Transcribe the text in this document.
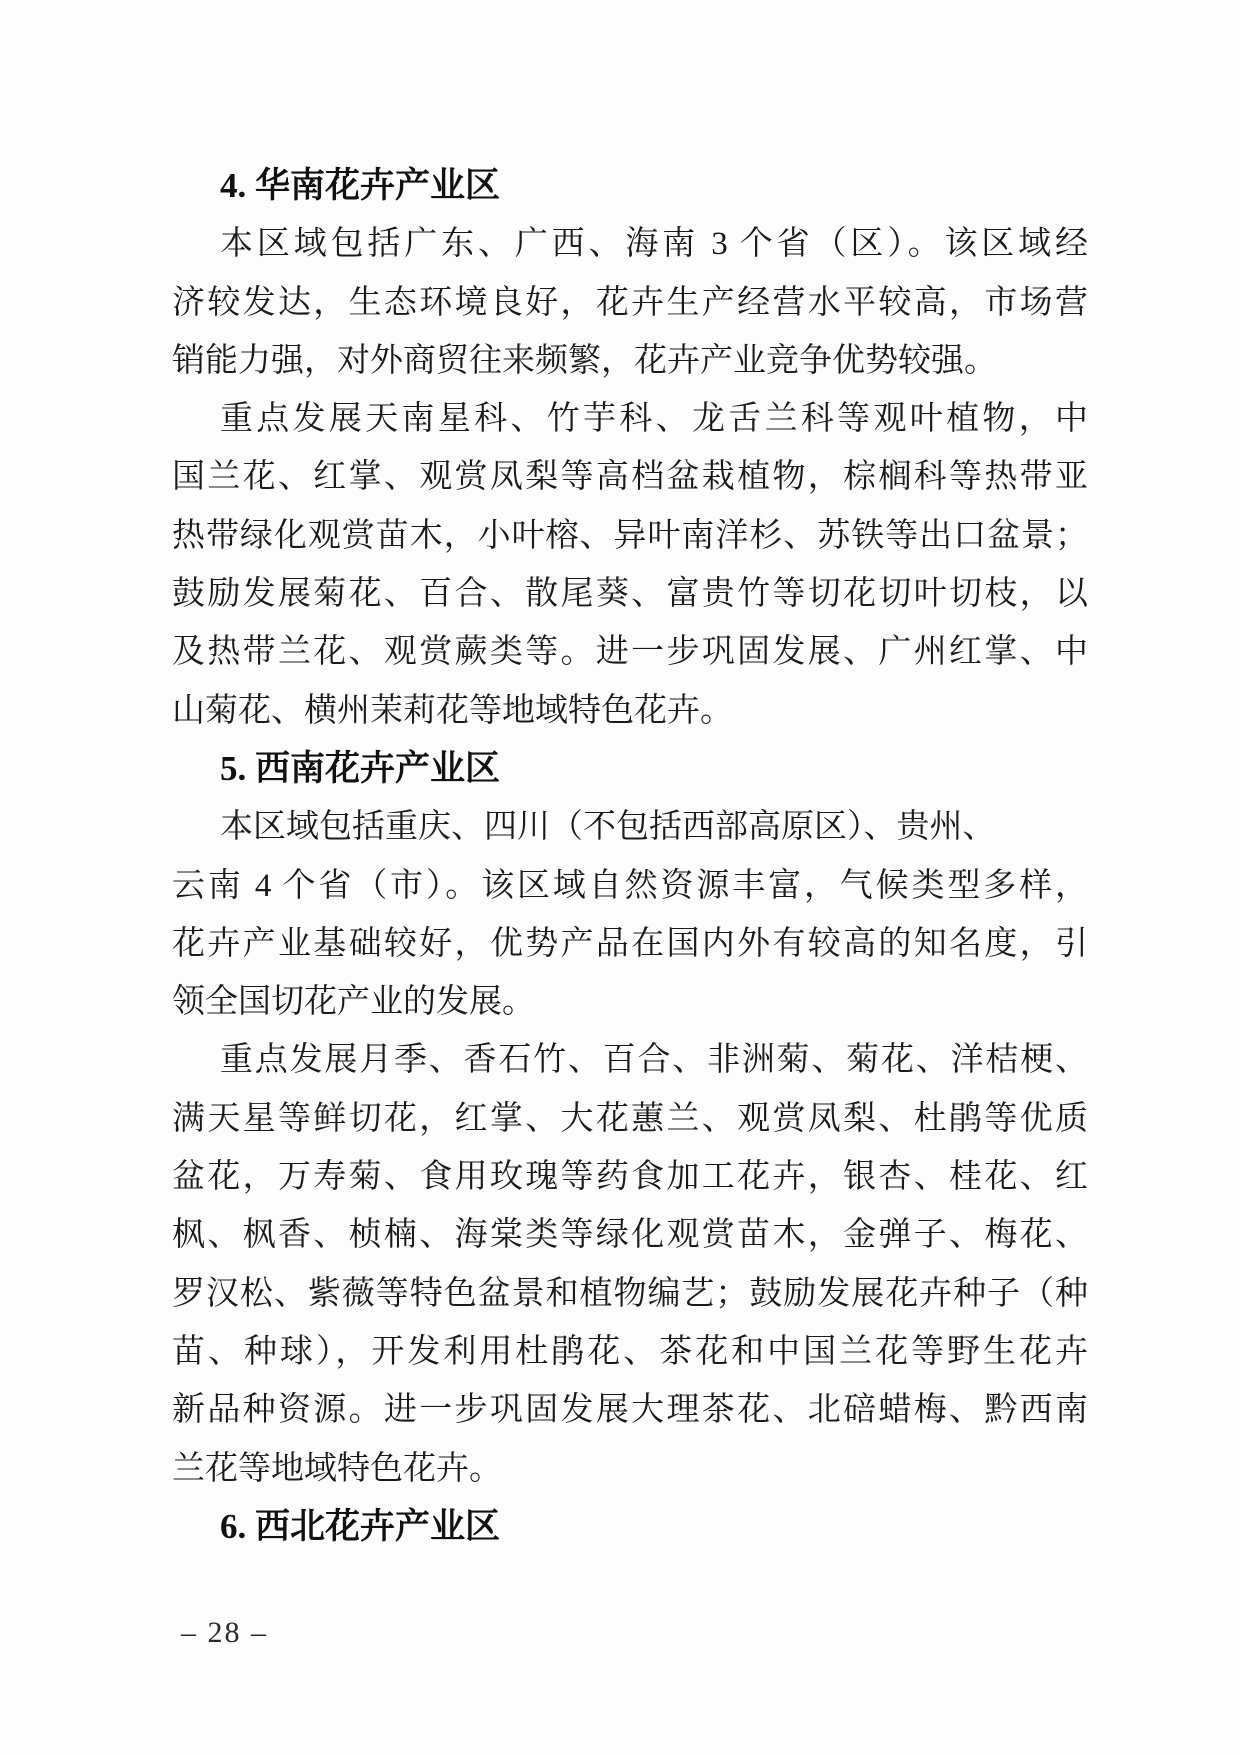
4. 华南花卉产业区
本区域包括广东、广西、海南 3 个省（区）。该区域经
济较发达，生态环境良好，花卉生产经营水平较高，市场营
销能力强，对外商贸往来频繁，花卉产业竞争优势较强。
重点发展天南星科、竹芋科、龙舌兰科等观叶植物，中
国兰花、红掌、观赏凤梨等高档盆栽植物，棕榈科等热带亚
热带绿化观赏苗木，小叶榕、异叶南洋杉、苏铁等出口盆景；
鼓励发展菊花、百合、散尾葵、富贵竹等切花切叶切枝，以
及热带兰花、观赏蕨类等。进一步巩固发展、广州红掌、中
山菊花、横州茉莉花等地域特色花卉。
5. 西南花卉产业区
本区域包括重庆、四川（不包括西部高原区）、贵州、
云南 4 个省（市）。该区域自然资源丰富，气候类型多样，
花卉产业基础较好，优势产品在国内外有较高的知名度，引
领全国切花产业的发展。
重点发展月季、香石竹、百合、非洲菊、菊花、洋桔梗、
满天星等鲜切花，红掌、大花蕙兰、观赏凤梨、杜鹃等优质
盆花，万寿菊、食用玫瑰等药食加工花卉，银杏、桂花、红
枫、枫香、桢楠、海棠类等绿化观赏苗木，金弹子、梅花、
罗汉松、紫薇等特色盆景和植物编艺；鼓励发展花卉种子（种
苗、种球），开发利用杜鹃花、茶花和中国兰花等野生花卉
新品种资源。进一步巩固发展大理茶花、北碚蜡梅、黔西南
兰花等地域特色花卉。
6. 西北花卉产业区
– 28 –
